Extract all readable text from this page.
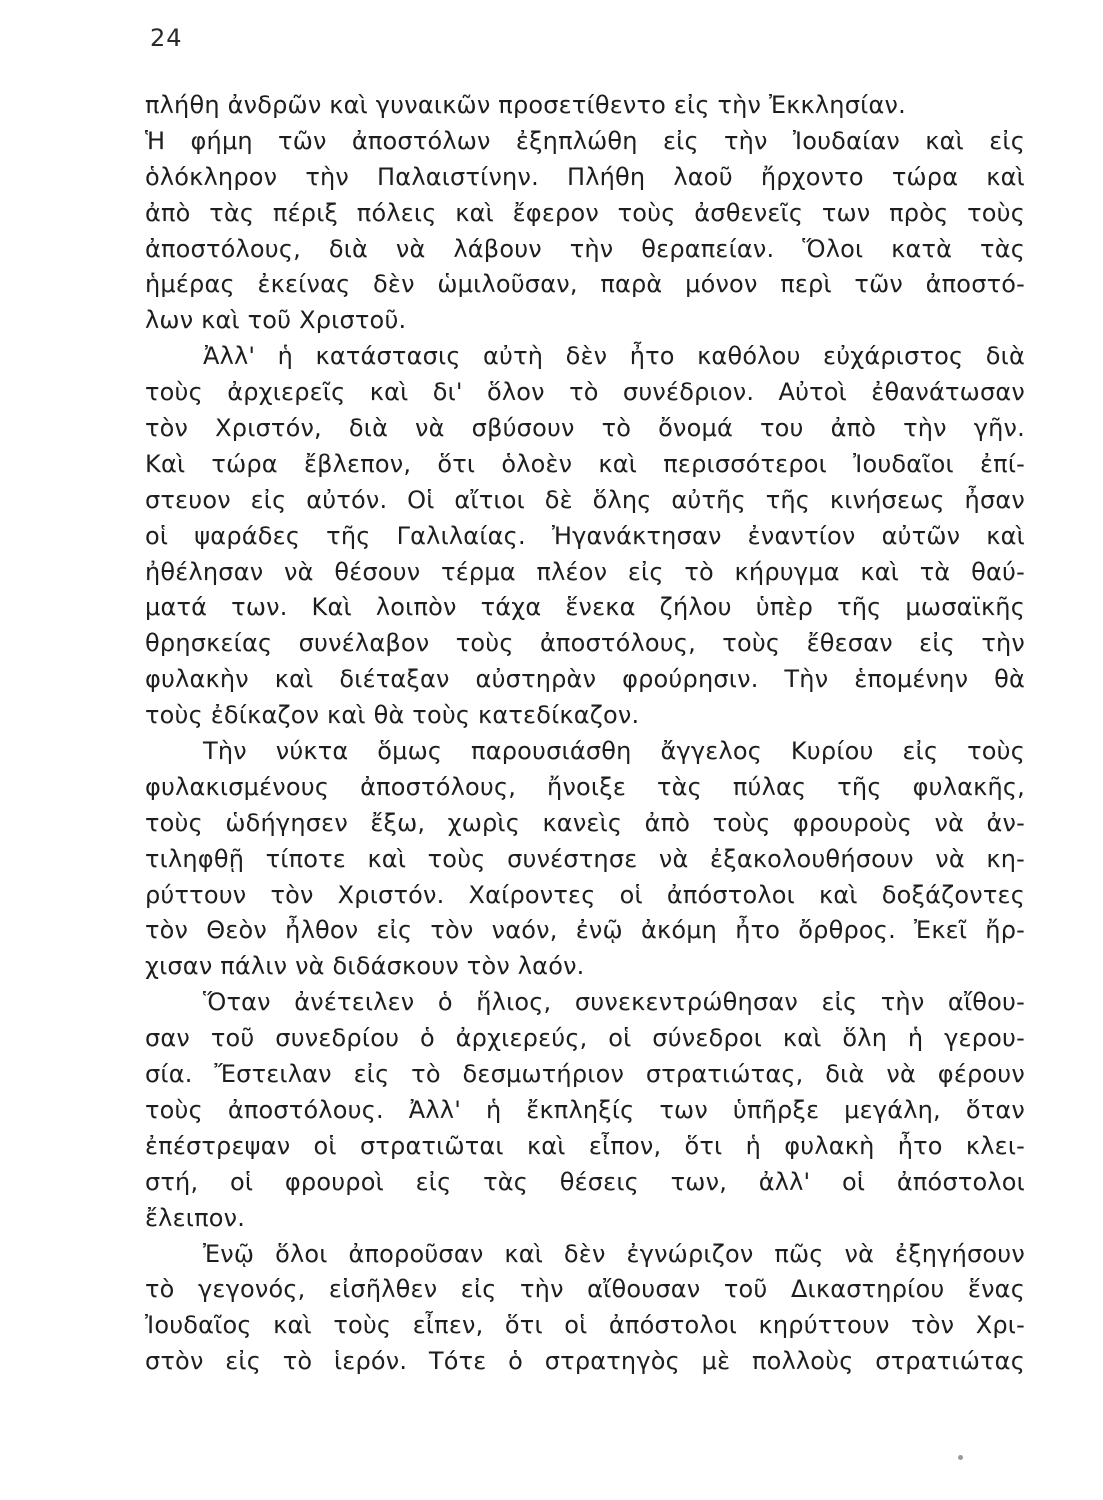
24
πλήθη ἀνδρῶν καὶ γυναικῶν προσετίθεντο εἰς τὴν Ἐκκλησίαν.
Ἡ φήμη τῶν ἀποστόλων ἐξηπλώθη εἰς τὴν Ἰουδαίαν καὶ εἰς
ὁλόκληρον τὴν Παλαιστίνην. Πλήθη λαοῦ ἤρχοντο τώρα καὶ
ἀπὸ τὰς πέριξ πόλεις καὶ ἔφερον τοὺς ἀσθενεῖς των πρὸς τοὺς
ἀποστόλους, διὰ νὰ λάβουν τὴν θεραπείαν. Ὅλοι κατὰ τὰς
ἡμέρας ἐκείνας δὲν ὡμιλοῦσαν, παρὰ μόνον περὶ τῶν ἀποστό-
λων καὶ τοῦ Χριστοῦ.
Ἀλλ' ἡ κατάστασις αὐτὴ δὲν ἦτο καθόλου εὐχάριστος διὰ
τοὺς ἀρχιερεῖς καὶ δι' ὅλον τὸ συνέδριον. Αὐτοὶ ἐθανάτωσαν
τὸν Χριστόν, διὰ νὰ σβύσουν τὸ ὄνομά του ἀπὸ τὴν γῆν.
Καὶ τώρα ἔβλεπον, ὅτι ὁλοὲν καὶ περισσότεροι Ἰουδαῖοι ἐπί-
στευον εἰς αὐτόν. Οἱ αἴτιοι δὲ ὅλης αὐτῆς τῆς κινήσεως ἦσαν
οἱ ψαράδες τῆς Γαλιλαίας. Ἠγανάκτησαν ἐναντίον αὐτῶν καὶ
ἠθέλησαν νὰ θέσουν τέρμα πλέον εἰς τὸ κήρυγμα καὶ τὰ θαύ-
ματά των. Καὶ λοιπὸν τάχα ἕνεκα ζήλου ὑπὲρ τῆς μωσαϊκῆς
θρησκείας συνέλαβον τοὺς ἀποστόλους, τοὺς ἔθεσαν εἰς τὴν
φυλακὴν καὶ διέταξαν αὐστηρὰν φρούρησιν. Τὴν ἑπομένην θὰ
τοὺς ἐδίκαζον καὶ θὰ τοὺς κατεδίκαζον.
Τὴν νύκτα ὅμως παρουσιάσθη ἄγγελος Κυρίου εἰς τοὺς
φυλακισμένους ἀποστόλους, ἤνοιξε τὰς πύλας τῆς φυλακῆς,
τοὺς ὡδήγησεν ἔξω, χωρὶς κανεὶς ἀπὸ τοὺς φρουροὺς νὰ ἀν-
τιληφθῇ τίποτε καὶ τοὺς συνέστησε νὰ ἐξακολουθήσουν νὰ κη-
ρύττουν τὸν Χριστόν. Χαίροντες οἱ ἀπόστολοι καὶ δοξάζοντες
τὸν Θεὸν ἦλθον εἰς τὸν ναόν, ἐνῷ ἀκόμη ἦτο ὄρθρος. Ἐκεῖ ἤρ-
χισαν πάλιν νὰ διδάσκουν τὸν λαόν.
Ὅταν ἀνέτειλεν ὁ ἥλιος, συνεκεντρώθησαν εἰς τὴν αἴθου-
σαν τοῦ συνεδρίου ὁ ἀρχιερεύς, οἱ σύνεδροι καὶ ὅλη ἡ γερου-
σία. Ἔστειλαν εἰς τὸ δεσμωτήριον στρατιώτας, διὰ νὰ φέρουν
τοὺς ἀποστόλους. Ἀλλ' ἡ ἔκπληξίς των ὑπῆρξε μεγάλη, ὅταν
ἐπέστρεψαν οἱ στρατιῶται καὶ εἶπον, ὅτι ἡ φυλακὴ ἦτο κλει-
στή, οἱ φρουροὶ εἰς τὰς θέσεις των, ἀλλ' οἱ ἀπόστολοι
ἔλειπον.
Ἐνῷ ὅλοι ἀποροῦσαν καὶ δὲν ἐγνώριζον πῶς νὰ ἐξηγήσουν
τὸ γεγονός, εἰσῆλθεν εἰς τὴν αἴθουσαν τοῦ Δικαστηρίου ἕνας
Ἰουδαῖος καὶ τοὺς εἶπεν, ὅτι οἱ ἀπόστολοι κηρύττουν τὸν Χρι-
στὸν εἰς τὸ ἱερόν. Τότε ὁ στρατηγὸς μὲ πολλοὺς στρατιώτας
